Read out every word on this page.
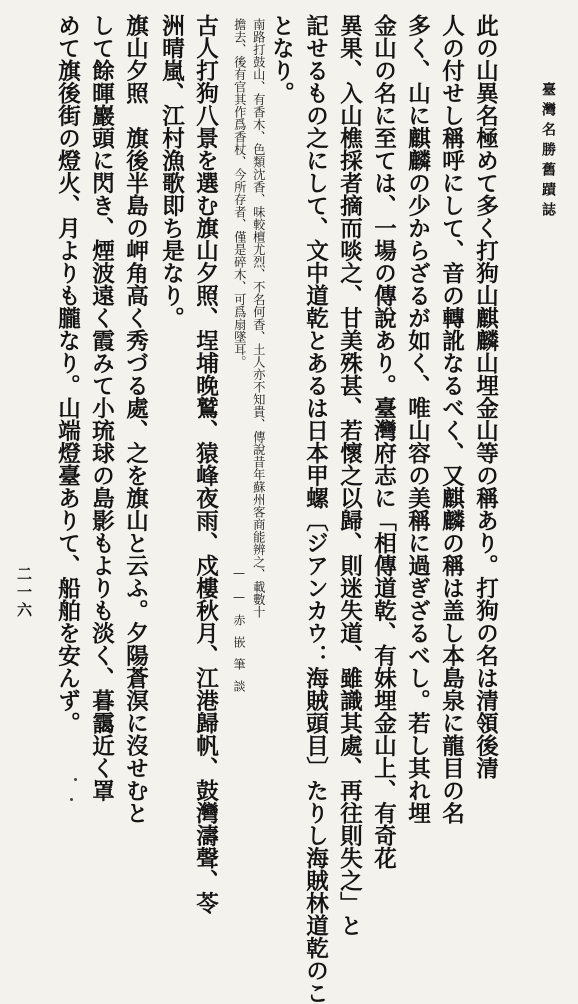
臺灣名勝舊蹟誌
此の山異名極めて多く打狗山麒麟山埋金山等の稱あり。打狗の名は清領後清
人の付せし稱呼にして、音の轉訛なるべく、又麒麟の稱は盖し本島泉に龍目の名
多く、山に麒麟の少からざるが如く、唯山容の美稱に過ぎざるべし。若し其れ埋
金山の名に至ては、一場の傳說あり。臺灣府志に「相傳道乾、有妹埋金山上、有奇花
異果、入山樵採者摘而啖之、甘美殊甚、若懷之以歸、則迷失道、雖識其處、再往則失之」と
記せるもの之にして、文中道乾とあるは日本甲螺〔ジアンカウ：海賊頭目〕たりし海賊林道乾のこ
となり。
南路打鼓山、有香木、色類沈香、味較檀尤烈、不名何香、土人亦不知貴、傳說昔年蘇州客商能辨之、載數十
擔去、後有官其作爲香杖、今所存者、僅是碎木、可爲扇墜耳。
——赤嵌筆談
古人打狗八景を選む旗山夕照、埕埔晚鷲、猿峰夜雨、戍樓秋月、江港歸帆、鼓灣濤聲、苓
洲晴嵐、江村漁歌即ち是なり。
旗山夕照　旗後半島の岬角高く秀づる處、之を旗山と云ふ。夕陽蒼溟に沒せむと
して餘暉巖頭に閃き、煙波遠く霞みて小琉球の島影もよりも淡く、暮靄近く罩
めて旗後街の燈火、月よりも朧なり。山端燈臺ありて、船舶を安んず。
二一六
